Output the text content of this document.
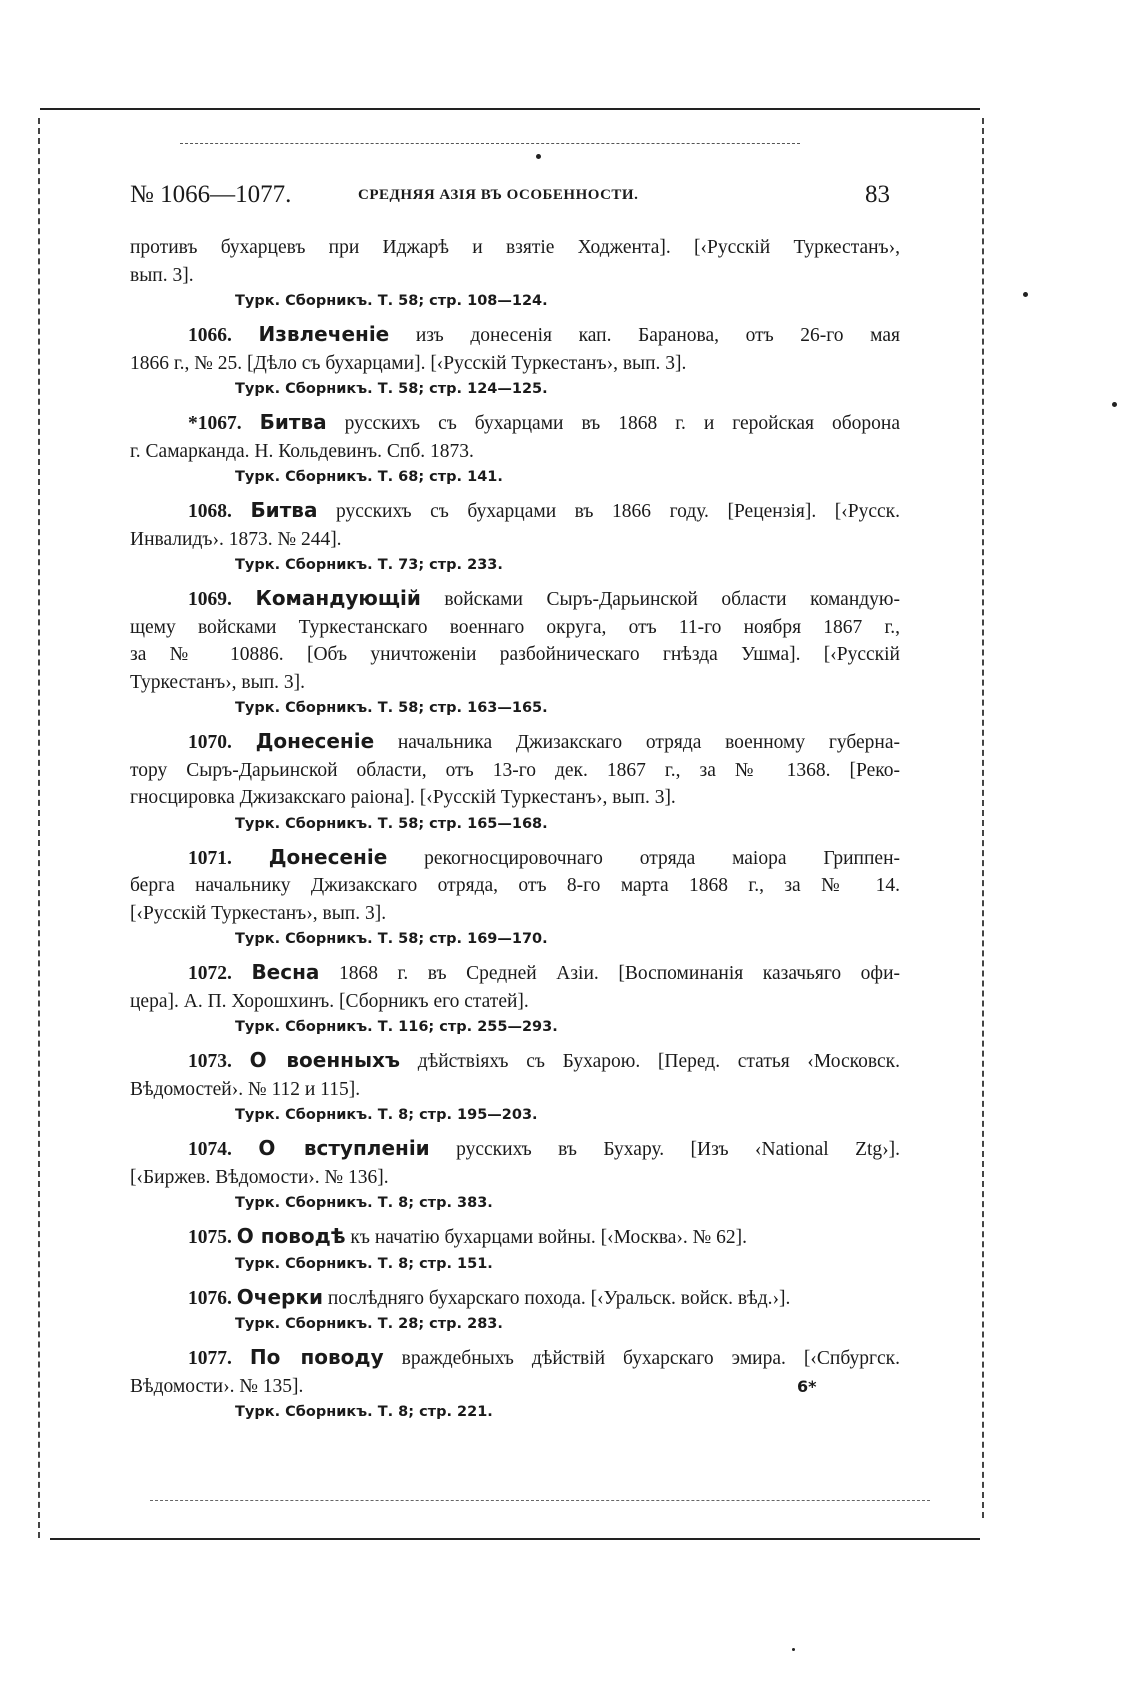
№ 1066—1077.	СРЕДНЯЯ АЗІЯ ВЪ ОСОБЕННОСТИ.	83
противъ бухарцевъ при Иджарѣ и взятіе Ходжента]. [‹Русскій Туркестанъ›,
вып. 3].
Турк. Сборникъ. Т. 58; стр. 108—124.
1066. Извлеченіе изъ донесенія кап. Баранова, отъ 26-го мая
1866 г., № 25. [Дѣло съ бухарцами]. [‹Русскій Туркестанъ›, вып. 3].
Турк. Сборникъ. Т. 58; стр. 124—125.
*1067. Битва русскихъ съ бухарцами въ 1868 г. и геройская оборона
г. Самарканда. Н. Кольдевинъ. Спб. 1873.
Турк. Сборникъ. Т. 68; стр. 141.
1068. Битва русскихъ съ бухарцами въ 1866 году. [Рецензія]. [‹Русск.
Инвалидъ›. 1873. № 244].
Турк. Сборникъ. Т. 73; стр. 233.
1069. Командующій войсками Сыръ-Дарьинской области командую-
щему войсками Туркестанскаго военнаго округа, отъ 11-го ноября 1867 г.,
за № 10886. [Объ уничтоженіи разбойническаго гнѣзда Ушма]. [‹Русскій
Туркестанъ›, вып. 3].
Турк. Сборникъ. Т. 58; стр. 163—165.
1070. Донесеніе начальника Джизакскаго отряда военному губерна-
тору Сыръ-Дарьинской области, отъ 13-го дек. 1867 г., за № 1368. [Реко-
гносцировка Джизакскаго раіона]. [‹Русскій Туркестанъ›, вып. 3].
Турк. Сборникъ. Т. 58; стр. 165—168.
1071. Донесеніе рекогносцировочнаго отряда маіора Гриппен-
берга начальнику Джизакскаго отряда, отъ 8-го марта 1868 г., за № 14.
[‹Русскій Туркестанъ›, вып. 3].
Турк. Сборникъ. Т. 58; стр. 169—170.
1072. Весна 1868 г. въ Средней Азіи. [Воспоминанія казачьяго офи-
цера]. А. П. Хорошхинъ. [Сборникъ его статей].
Турк. Сборникъ. Т. 116; стр. 255—293.
1073. О военныхъ дѣйствіяхъ съ Бухарою. [Перед. статья ‹Московск.
Вѣдомостей›. № 112 и 115].
Турк. Сборникъ. Т. 8; стр. 195—203.
1074. О вступленіи русскихъ въ Бухару. [Изъ ‹National Ztg›].
[‹Биржев. Вѣдомости›. № 136].
Турк. Сборникъ. Т. 8; стр. 383.
1075. О поводѣ къ начатію бухарцами войны. [‹Москва›. № 62].
Турк. Сборникъ. Т. 8; стр. 151.
1076. Очерки послѣдняго бухарскаго похода. [‹Уральск. войск. вѣд.›].
Турк. Сборникъ. Т. 28; стр. 283.
1077. По поводу враждебныхъ дѣйствій бухарскаго эмира. [‹Спбургск.
Вѣдомости›. № 135].
Турк. Сборникъ. Т. 8; стр. 221.
6*
